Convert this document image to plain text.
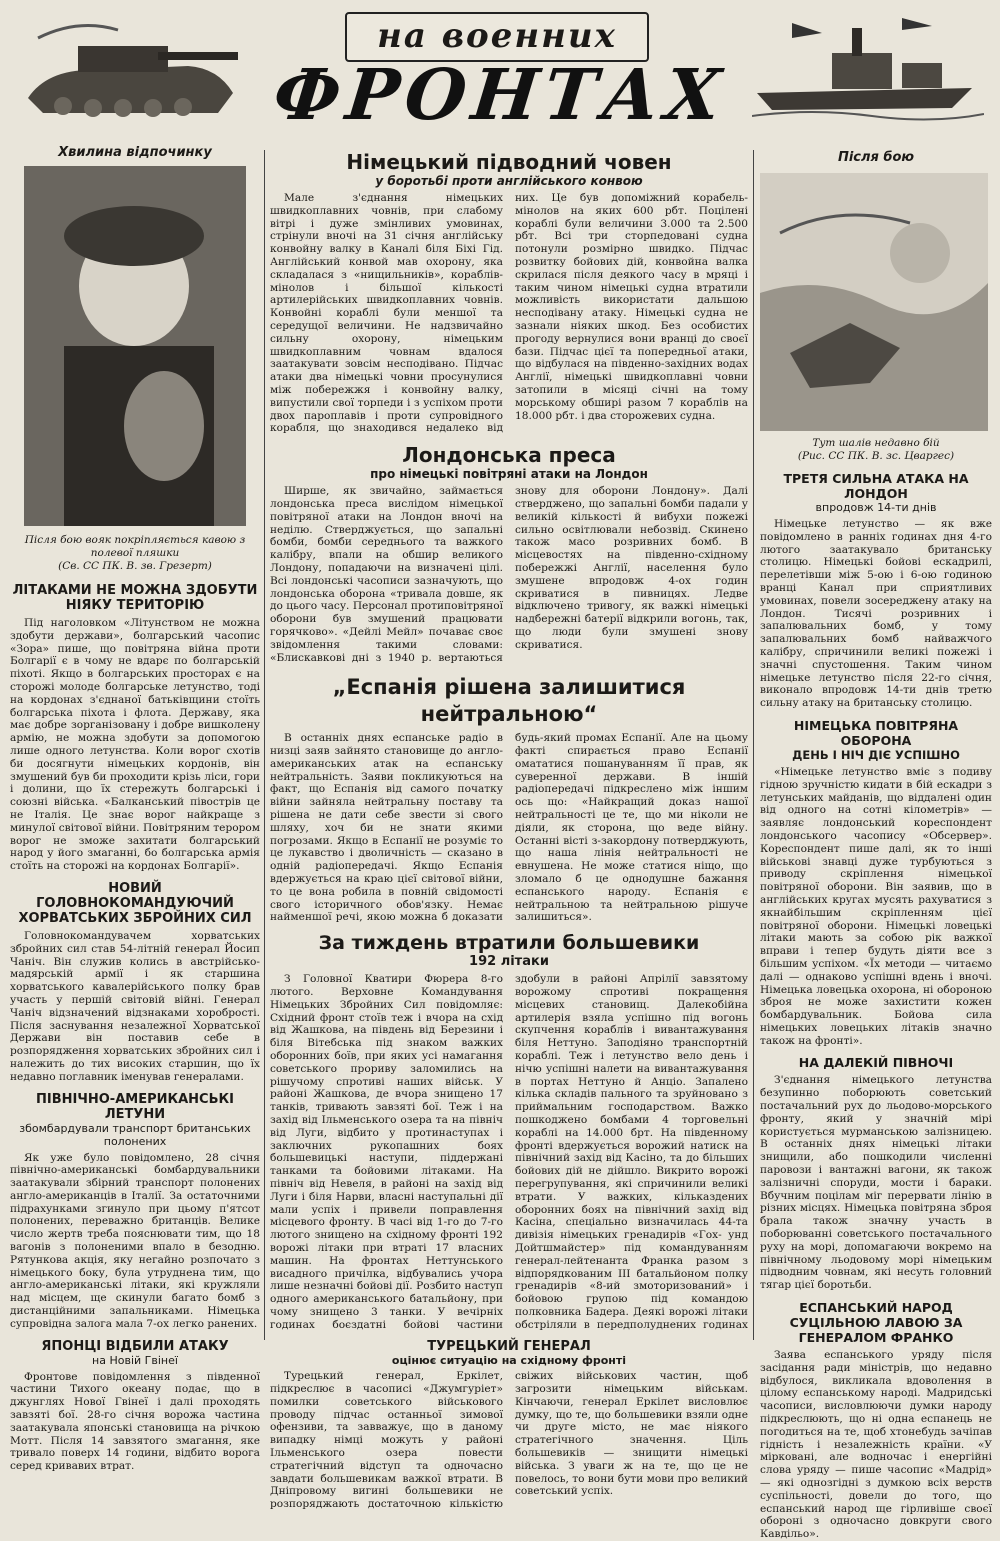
на военних
ФРОНТАХ

Хвилина відпочинку

Після бою вояк покріпляється кавою з полевої пляшки

(Св. СС ПК. В. зв. Грезерт)

ЛІТАКАМИ НЕ МОЖНА ЗДОБУТИ НІЯКУ ТЕРИТОРІЮ

Під наголовком «Літунством не можна здобути держави», болгарський часопис «Зора» пише, що повітряна війна проти Болгарії є в чому не вдарє по болгарській піхоті. Якщо в болгарських просторах є на сторожі молоде болгарське летунство, тоді на кордонах з'єднаної батьківщини стоїть болгарська піхота і флота. Державу, яка має добре зорганізовану і добре вишколену армію, не можна здобути за допомогою лише одного летунства. Коли ворог схотів би досягнути німецьких кордонів, він змушений був би проходити крізь ліси, гори і долини, що їх стережуть болгарські і союзні війська. «Балканський півострів це не Італія. Це знає ворог найкраще з минулої світової війни. Повітряним терором ворог не зможе захитати болгарський народ у його змаганні, бо болгарська армія стоїть на сторожі на кордонах Болгарії».

НОВИЙ ГОЛОВНОКОМАНДУЮЧИЙ ХОРВАТСЬКИХ ЗБРОЙНИХ СИЛ

Головнокомандувачем хорватських збройних сил став 54-літній генерал Йосип Чаніч. Він служив колись в австрійсько-мадярській армії і як старшина хорватського кавалерійського полку брав участь у першій світовій війні. Генерал Чаніч відзначений відзнаками хоробрості. Після заснування незалежної Хорватської Держави він поставив себе в розпорядження хорватських збройних сил і належить до тих високих старшин, що їх недавно поглавник іменував генералами.

ПІВНІЧНО-АМЕРИКАНСЬКІ ЛЕТУНИ

збомбардували транспорт британських полонених

Як уже було повідомлено, 28 січня північно-американські бомбардувальники заатакували збірний транспорт полонених англо-американців в Італії. За остаточними підрахунками згинуло при цьому п'ятсот полонених, переважно британців. Велике число жертв треба пояснювати тим, що 18 вагонів з полоненими впало в безодню. Рятункова акція, яку негайно розпочато з німецького боку, була утруднена тим, що англо-американські літаки, які кружляли над місцем, ще скинули багато бомб з дистанційними запальниками. Німецька супровідна залога мала 7-ох легко ранених.

ЯПОНЦІ ВІДБИЛИ АТАКУ

на Новій Гвінеї

Фронтове повідомлення з південної частини Тихого океану подає, що в джунглях Нової Гвінеї і далі проходять завзяті бої. 28-го січня ворожа частина заатакувала японські становища на річкою Мотт. Після 14 завзятого змагання, яке тривало поверх 14 години, відбито ворога серед кривавих втрат.

Німецький підводний човен

у боротьбі проти англійського конвою

Мале з'єднання німецьких швидкоплавних човнів, при слабому вітрі і дуже змінливих умовинах, стрінули вночі на 31 січня англійську конвойну валку в Каналі біля Біхі Гід. Англійський конвой мав охорону, яка складалася з «нищильників», кораблів-мінолов і більшої кількості артилерійських швидкоплавних човнів. Конвойні кораблі були меншої та середущої величини. Не надзвичайно сильну охорону, німецьким швидкоплавним човнам вдалося заатакувати зовсім несподівано. Підчас атаки два німецькі човни просунулися між побережжя і конвойну валку, випустили свої торпеди і з успіхом проти двох пароплавів і проти супровідного корабля, що знаходився недалеко від них. Це був допоміжний корабель-мінолов на яких 600 рбт. Поцілені кораблі були величини 3.000 та 2.500 рбт. Всі три сторпедовані судна потонули розмірно швидко. Підчас розвитку бойових дій, конвойна валка скрилася після деякого часу в мряці і таким чином німецькі судна втратили можливість використати дальшою несподівану атаку. Німецькі судна не зазнали ніяких шкод. Без особистих прогоду вернулися вони вранці до своєї бази. Підчас цієї та попередньої атаки, що відбулася на південно-західних водах Англії, німецькі швидкоплавні човни затопили в місяці січні на тому морському обширі разом 7 кораблів на 18.000 рбт. і два сторожевих судна.

Лондонська преса

про німецькі повітряні атаки на Лондон

Ширше, як звичайно, займається лондонська преса вислідом німецької повітряної атаки на Лондон вночі на неділю. Стверджується, що запальні бомби, бомби середнього та важкого калібру, впали на обшир великого Лондону, попадаючи на визначені цілі. Всі лондонські часописи зазначують, що лондонська оборона «тривала довше, як до цього часу. Персонал протиповітряної оборони був змушений працювати горячково». «Дейлі Мейл» почаває своє звідомлення такими словами: «Блискавкові дні з 1940 р. вертаються знову для оборони Лондону». Далі стверджено, що запальні бомби падали у великій кількості й вибухи пожежі сильно освітлювали небозвід. Скинено також масо розривних бомб. В місцевостях на південно-східному побережжі Англії, населення було змушене впродовж 4-ох годин скриватися в пивницях. Ледве відключено тривогу, як важкі німецькі надбережні батерії відкрили вогонь, так, що люди були змушені знову скриватися.

„Еспанія рішена залишитися нейтральною“

В останніх днях еспанське радіо в низці заяв зайнято становище до англо-американських атак на еспанську нейтральність. Заяви покликуються на факт, що Еспанія від самого початку війни зайняла нейтральну поставу та рішена не дати себе звести зі свого шляху, хоч би не знати якими погрозами. Якщо в Еспанії не розуміє то це лукавство і дволичність — сказано в одній радіопередачі. Якщо Еспанія вдержується на краю цієї світової війни, то це вона робила в повній свідомості свого історичного обов'язку. Немає найменшої речі, якою можна б доказати будь-який промах Еспанії. Але на цьому факті спирається право Еспанії омататися пошануванням її прав, як суверенної держави. В іншій радіопередачі підкреслено між іншим ось що: «Найкращий доказ нашої нейтральності це те, що ми ніколи не діяли, як сторона, що веде війну. Останні вісті з-закордону потверджують, що наша лінія нейтральності не евнушена. Не може статися ніщо, що зломало б це однодушне бажання еспанського народу. Еспанія є нейтральною та нейтральною рішуче залишиться».

За тиждень втратили большевики

192 літаки

З Головної Кватири Фюрера 8-го лютого. Верховне Командування Німецьких Збройних Сил повідомляє: Східний фронт стоїв теж і вчора на схід від Жашкова, на південь від Березини і біля Вітебська під знаком важких оборонних боїв, при яких усі намагання советського прориву заломились на рішучому спротиві наших військ. У районі Жашкова, де вчора знищено 17 танків, тривають завзяті бої. Теж і на захід від Ільменського озера та на північ від Луги, відбито у протинаступах і заключних рукопашних боях большевицькі наступи, піддержані танками та бойовими літаками. На північ від Невеля, в районі на захід від Луги і біля Нарви, власні наступальні дії мали успіх і привели поправлення місцевого фронту. В часі від 1-го до 7-го лютого знищено на східному фронті 192 ворожі літаки при втраті 17 власних машин. На фронтах Неттунського висадного причілка, відбувались учора лише незначні бойові дії. Розбито наступ одного американського батальйону, при чому знищено 3 танки. У вечірніх годинах боєздатні бойові частини здобули в районі Апрілії завзятому ворожому спротиві покращення місцевих становищ. Далекобійна артилерія взяла успішно під вогонь скупчення кораблів і вивантажування біля Неттуно. Заподіяно транспортній кораблі. Теж і летунство вело день і нічю успішні налети на вивантажування в портах Неттуно й Анціо. Запалено кілька складів пального та зруйновано з приймальним господарством. Важко пошкоджено бомбами 4 торговельні кораблі на 14.000 брт. На південному фронті вдержується ворожий натиск на північний захід від Касіно, та до більших бойових дій не дійшло. Викрито ворожі перегрупування, які спричинили великі втрати. У важких, кільказдених оборонних боях на північний захід від Касіна, спеціально визначилась 44-та дивізія німецьких гренадирів «Гох- унд Дойтшмайстер» під командуванням генерал-лейтенанта Франка разом з відпорядкованим ІІІ батальйоном полку гренадирів «8-ий змоторизований» і бойовою групою під командою полковника Бадера. Деякі ворожі літаки обстріляли в передполуднених годинах

ТУРЕЦЬКИЙ ГЕНЕРАЛ

оцінює ситуацію на східному фронті

Турецький генерал, Еркілет, підкреслює в часописі «Джумгуріет» помилки советського військового проводу підчас останньої зимової офензиви, та завважує, що в даному випадку німці можуть у районі Ільменського озера повести стратегічний відступ та одночасно завдати большевикам важкої втрати. В Дніпровому вигині большевики не розпоряджають достаточною кількістю свіжих військових частин, щоб загрозити німецьким військам. Кінчаючи, генерал Еркілет висловлює думку, що те, що большевики взяли одне чи друге місто, не має ніякого стратегічного значення. Ціль большевиків — знищити німецькі війська. З уваги ж на те, що це не повелось, то вони бути мови про великий советський успіх.

Після бою

Тут шалів недавно бій

(Рис. СС ПК. В. зс. Цваргес)

ТРЕТЯ СИЛЬНА АТАКА НА ЛОНДОН

впродовж 14-ти днів

Німецьке летунство — як вже повідомлено в ранніх годинах дня 4-го лютого заатакувало британську столицю. Німецькі бойові ескадрилі, перелетівши між 5-ою і 6-ою годиною вранці Канал при сприятливих умовинах, повели зосереджену атаку на Лондон. Тисячі розривних і запалювальних бомб, у тому запалювальних бомб найважчого калібру, спричинили великі пожежі і значні спустошення. Таким чином німецьке летунство після 22-го січня, виконало впродовж 14-ти днів третю сильну атаку на британську столицю.

НІМЕЦЬКА ПОВІТРЯНА ОБОРОНА

ДЕНЬ І НІЧ ДІЄ УСПІШНО

«Німецьке летунство вміє з подиву гідною зручністю кидати в бій ескадри з летунських майданів, що віддалені один від одного на сотні кілометрів» — заявляє лондонський кореспондент лондонського часопису «Обсервер». Кореспондент пише далі, як то інші військові знавці дуже турбуються з приводу скріплення німецької повітряної оборони. Він заявив, що в англійських кругах мусять рахуватися з якнайбільшим скріпленням цієї повітряної оборони. Німецькі ловецькі літаки мають за собою рік важкої вправи і тепер будуть діяти все з більшим успіхом. «Їх методи — читаємо далі — однаково успішні вдень і вночі. Німецька ловецька охорона, ні обороною зброя не може захистити кожен бомбардувальник. Бойова сила німецьких ловецьких літаків значно також на фронті».

НА ДАЛЕКІЙ ПІВНОЧІ

З'єднання німецького летунства безупинно поборюють советський постачальний рух до льодово-морського фронту, який у значній мірі користується мурманською залізницею. В останніх днях німецькі літаки знищили, або пошкодили численні паровози і вантажні вагони, як також залізничні споруди, мости і бараки. Вбучним поцілам міг перервати лінію в різних місцях. Німецька повітряна зброя брала також значну участь в поборюванні советського постачального руху на морі, допомагаючи вокремо на північному льодовому морі німецьким підводним човнам, які несуть головний тягар цієї боротьби.

ЕСПАНСЬКИЙ НАРОД СУЦІЛЬНОЮ ЛАВОЮ ЗА ГЕНЕРАЛОМ ФРАНКО

Заява еспанського уряду після засідання ради міністрів, що недавно відбулося, викликала вдоволення в цілому еспанському народі. Мадридські часописи, висловлюючи думки народу підкреслюють, що ні одна еспанець не погодиться на те, щоб хтонебудь зачіпав гідність і незалежність країни. «У мірковані, але водночас і енергійні слова уряду — пише часопис «Мадрід» — які однозгідні з думкою всіх верств суспільності, довели до того, що еспанський народ ще гірливіше своєї обороні з одночасно довкруги свого Кавдільо».
